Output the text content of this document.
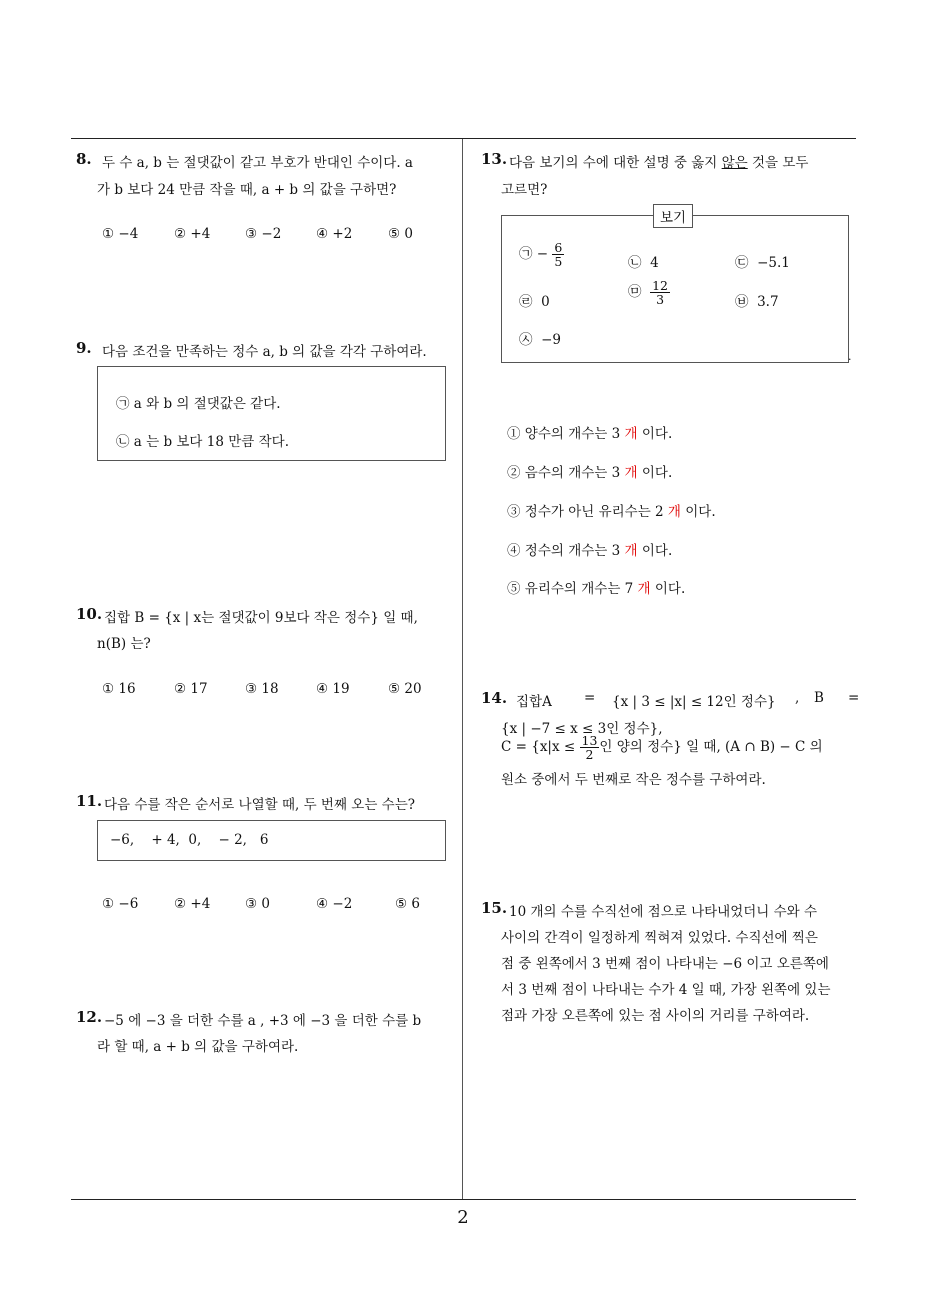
8. 두 수 a, b 는 절댓값이 같고 부호가 반대인 수이다. a
가 b 보다 24 만큼 작을 때, a + b 의 값을 구하면?
① −4	② +4	③ −2	④ +2	⑤ 0
9. 다음 조건을 만족하는 정수 a, b 의 값을 각각 구하여라.
㉠ a 와 b 의 절댓값은 같다.
㉡ a 는 b 보다 18 만큼 작다.
10. 집합 B = {x | x는 절댓값이 9보다 작은 정수} 일 때,
n(B) 는?
① 16	② 17	③ 18	④ 19	⑤ 20
11. 다음 수를 작은 순서로 나열할 때, 두 번째 오는 수는?
−6,    + 4,  0,    − 2,   6
① −6	② +4	③ 0	④ −2	⑤ 6
12. −5 에 −3 을 더한 수를 a , +3 에 −3 을 더한 수를 b
라 할 때, a + b 의 값을 구하여라.
13. 다음 보기의 수에 대한 설명 중 옳지 않은 것을 모두
고르면?
보기
㉠ − $\frac{6}{5}$	㉡ 4	㉢ −5.1
㉣ 0
㉤ $\frac{12}{3}$	㉥ 3.7
㉦ −9
.
① 양수의 개수는 3 개 이다.
② 음수의 개수는 3 개 이다.
③ 정수가 아닌 유리수는 2 개 이다.
④ 정수의 개수는 3 개 이다.
⑤ 유리수의 개수는 7 개 이다.
14. 집합A = {x | 3 ≤ |x| ≤ 12인 정수} , B =
{x | −7 ≤ x ≤ 3인 정수},
$C = \{x|x \le \frac{13}{2}$ 인 양의 정수} 일 때, (A ∩ B) − C 의
원소 중에서 두 번째로 작은 정수를 구하여라.
15. 10 개의 수를 수직선에 점으로 나타내었더니 수와 수
사이의 간격이 일정하게 찍혀져 있었다. 수직선에 찍은
점 중 왼쪽에서 3 번째 점이 나타내는 −6 이고 오른쪽에
서 3 번째 점이 나타내는 수가 4 일 때, 가장 왼쪽에 있는
점과 가장 오른쪽에 있는 점 사이의 거리를 구하여라.
2
